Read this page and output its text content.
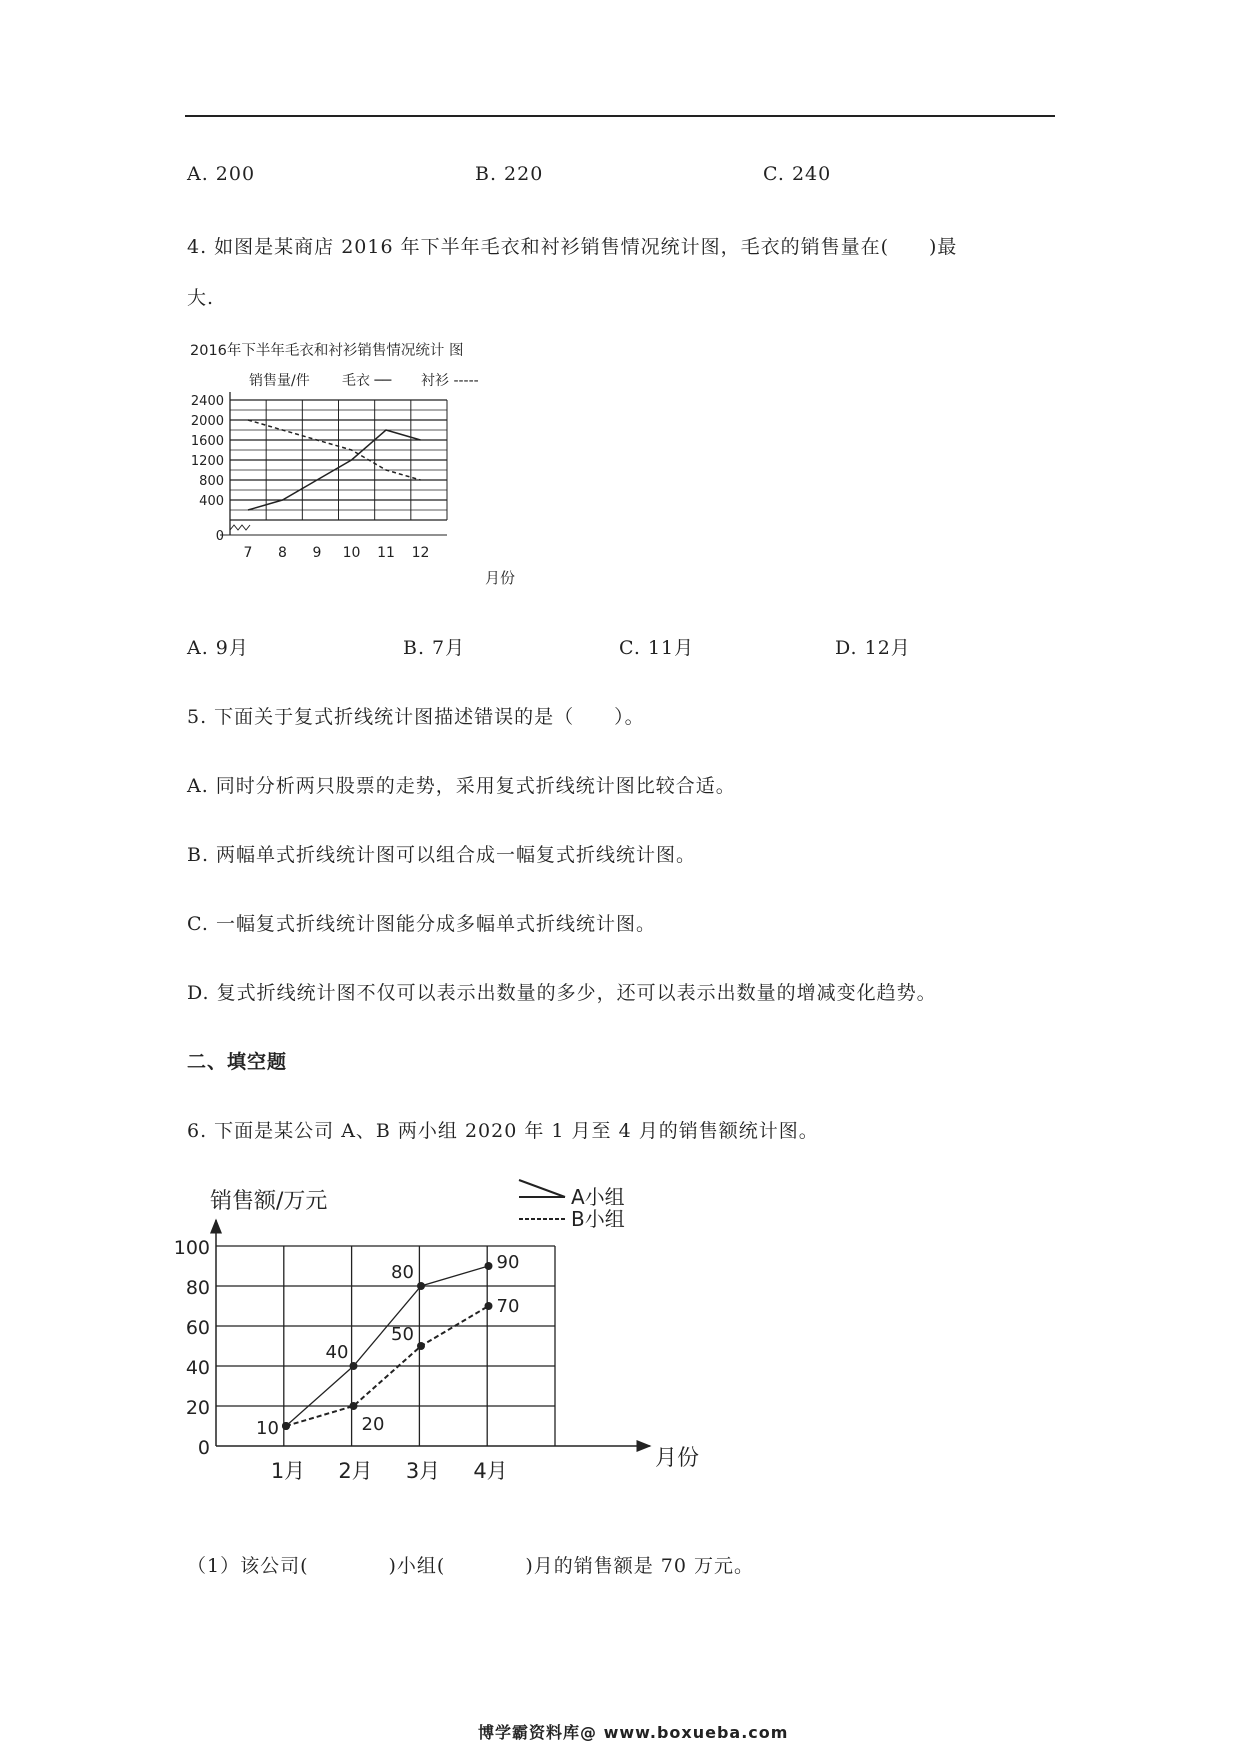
A. 200	B. 220	C. 240
4. 如图是某商店 2016 年下半年毛衣和衬衫销售情况统计图，毛衣的销售量在(　　)最
大.
2016年下半年毛衣和衬衫销售情况统计 图
销售量/件 毛衣 ── 衬衫 -----
0
400
800
1200
1600
2000
2400
7 8 9 10 11 12
月份
A. 9月	B. 7月	C. 11月	D. 12月
5. 下面关于复式折线统计图描述错误的是（　　）。
A. 同时分析两只股票的走势，采用复式折线统计图比较合适。
B. 两幅单式折线统计图可以组合成一幅复式折线统计图。
C. 一幅复式折线统计图能分成多幅单式折线统计图。
D. 复式折线统计图不仅可以表示出数量的多少，还可以表示出数量的增减变化趋势。
二、填空题
6. 下面是某公司 A、B 两小组 2020 年 1 月至 4 月的销售额统计图。
销售额/万元	A小组
B小组
0
20
40
60
80
100
1月 2月 3月 4月
10
40
80	90
20
50
70
月份
（1）该公司(　　　　)小组(　　　　)月的销售额是 70 万元。
博学霸资料库@ www.boxueba.com
